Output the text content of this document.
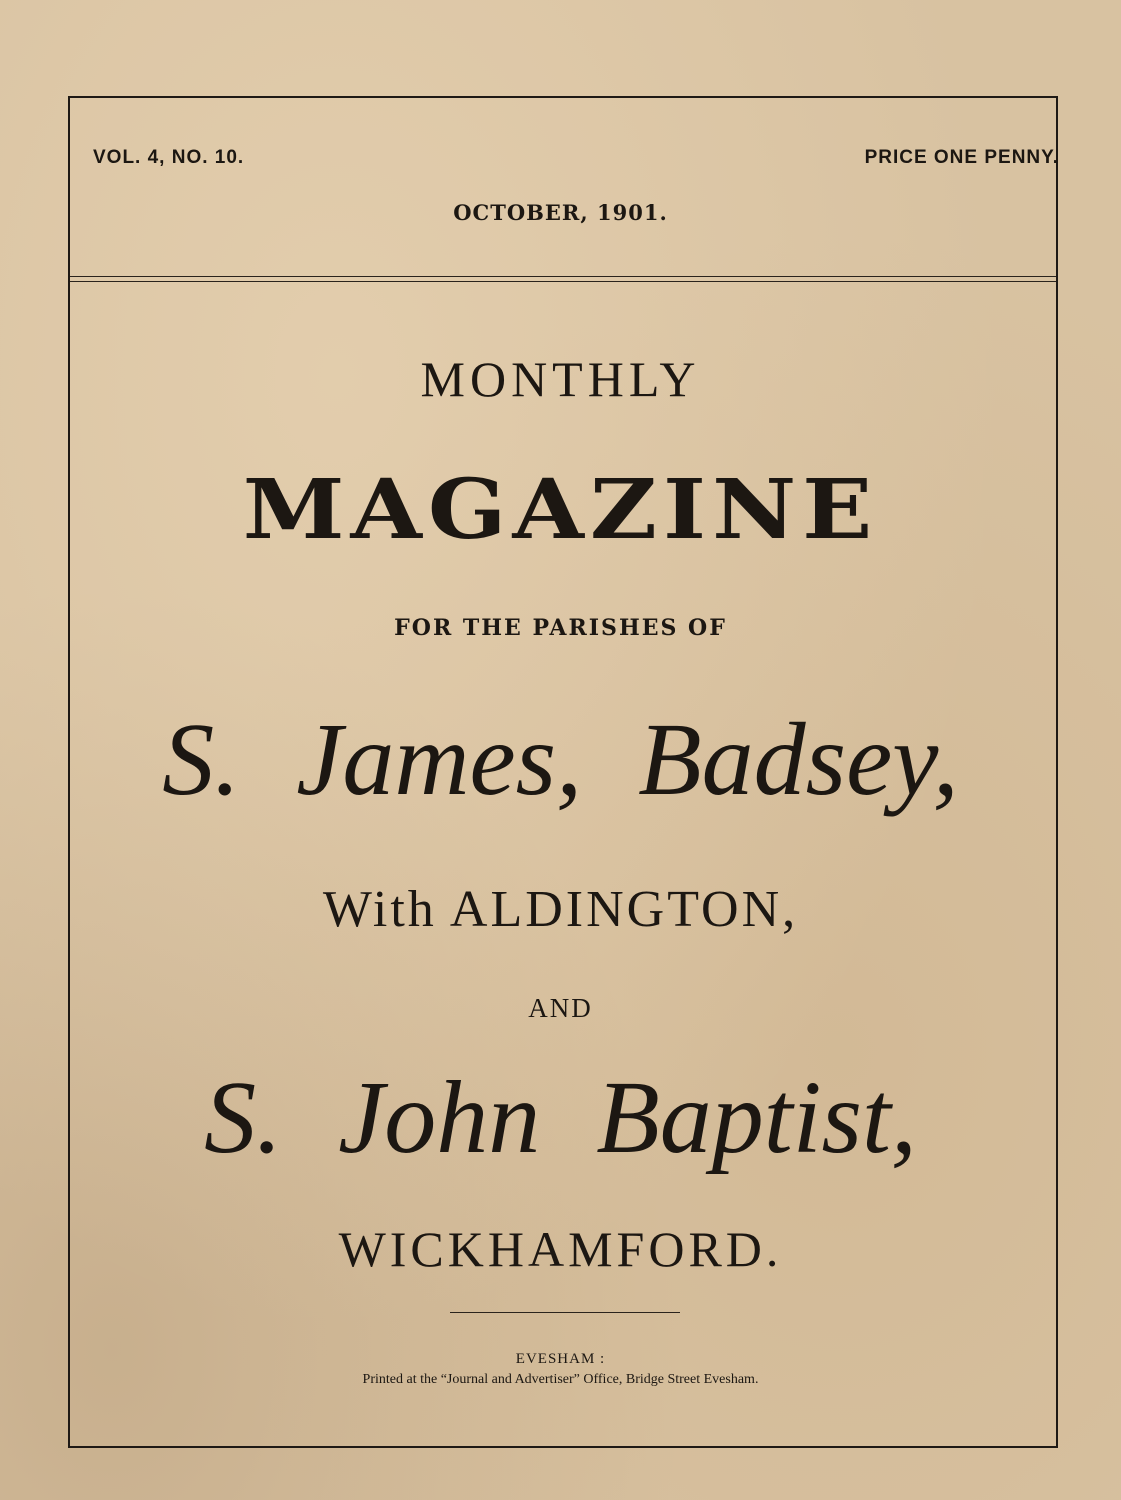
VOL. 4, NO. 10.	PRICE ONE PENNY.
OCTOBER, 1901.
MONTHLY
MAGAZINE
FOR THE PARISHES OF
S. James, Badsey,
With ALDINGTON,
AND
S. John Baptist,
WICKHAMFORD.
EVESHAM :
Printed at the “Journal and Advertiser” Office, Bridge Street Evesham.
